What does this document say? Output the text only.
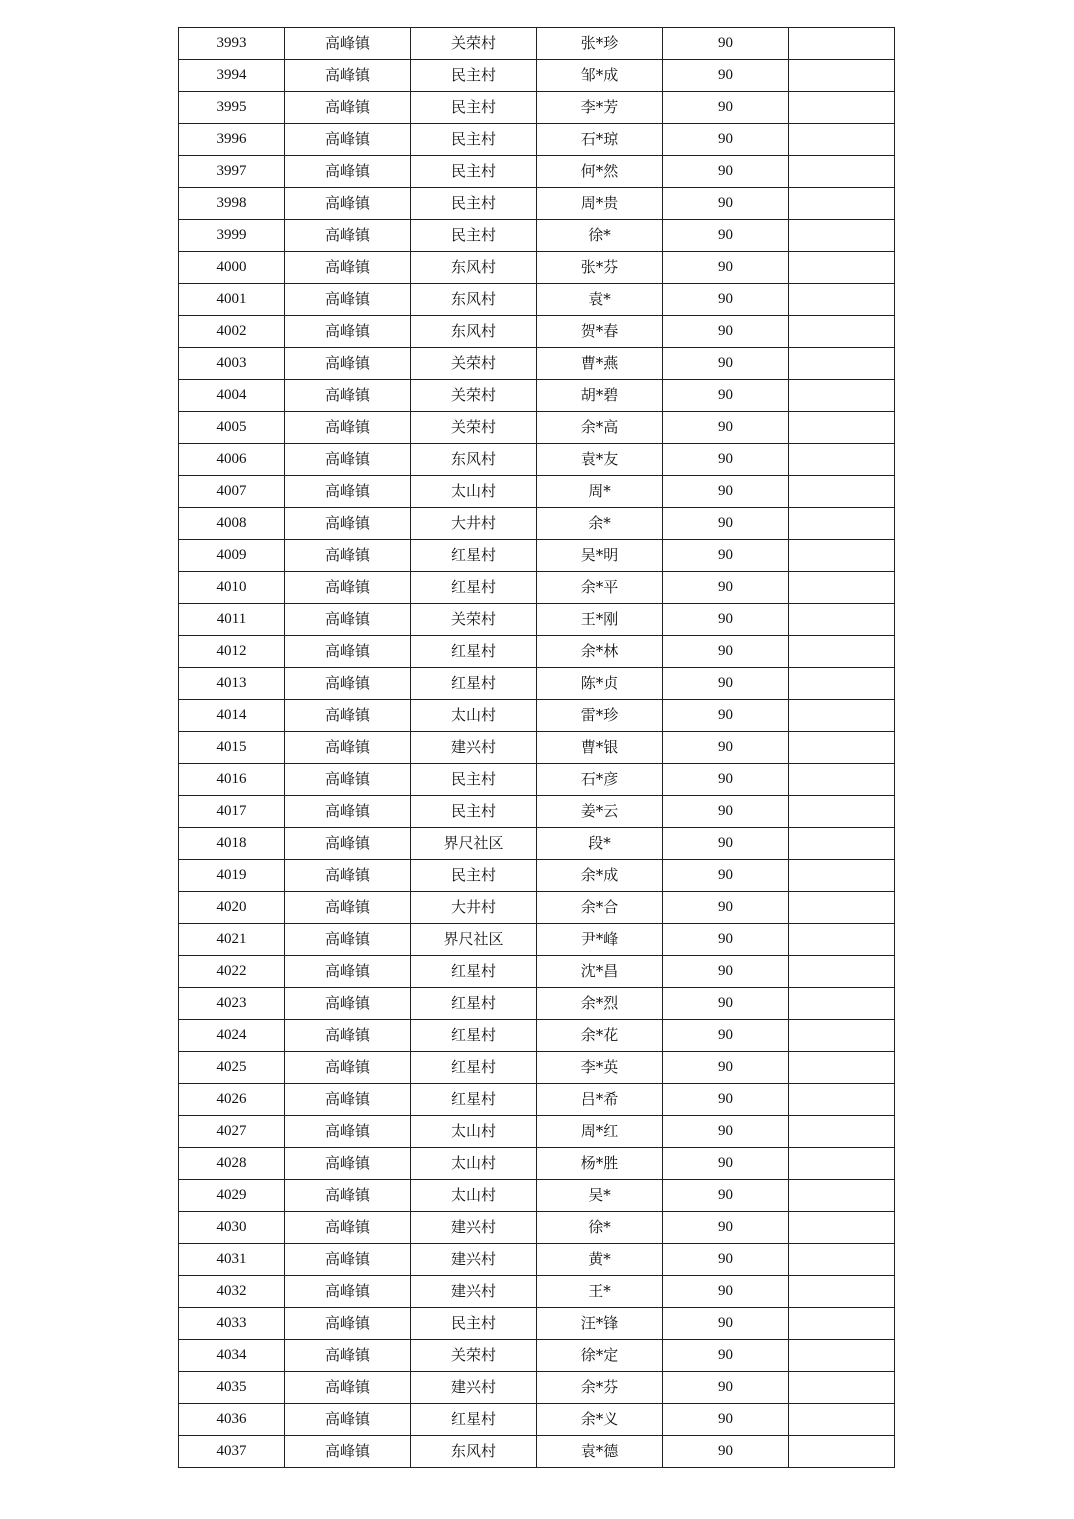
3993	高峰镇	关荣村	张*珍	90	
3994	高峰镇	民主村	邹*成	90	
3995	高峰镇	民主村	李*芳	90	
3996	高峰镇	民主村	石*琼	90	
3997	高峰镇	民主村	何*然	90	
3998	高峰镇	民主村	周*贵	90	
3999	高峰镇	民主村	徐*	90	
4000	高峰镇	东风村	张*芬	90	
4001	高峰镇	东风村	袁*	90	
4002	高峰镇	东风村	贺*春	90	
4003	高峰镇	关荣村	曹*燕	90	
4004	高峰镇	关荣村	胡*碧	90	
4005	高峰镇	关荣村	余*高	90	
4006	高峰镇	东风村	袁*友	90	
4007	高峰镇	太山村	周*	90	
4008	高峰镇	大井村	余*	90	
4009	高峰镇	红星村	吴*明	90	
4010	高峰镇	红星村	余*平	90	
4011	高峰镇	关荣村	王*刚	90	
4012	高峰镇	红星村	余*林	90	
4013	高峰镇	红星村	陈*贞	90	
4014	高峰镇	太山村	雷*珍	90	
4015	高峰镇	建兴村	曹*银	90	
4016	高峰镇	民主村	石*彦	90	
4017	高峰镇	民主村	姜*云	90	
4018	高峰镇	界尺社区	段*	90	
4019	高峰镇	民主村	余*成	90	
4020	高峰镇	大井村	余*合	90	
4021	高峰镇	界尺社区	尹*峰	90	
4022	高峰镇	红星村	沈*昌	90	
4023	高峰镇	红星村	余*烈	90	
4024	高峰镇	红星村	余*花	90	
4025	高峰镇	红星村	李*英	90	
4026	高峰镇	红星村	吕*希	90	
4027	高峰镇	太山村	周*红	90	
4028	高峰镇	太山村	杨*胜	90	
4029	高峰镇	太山村	吴*	90	
4030	高峰镇	建兴村	徐*	90	
4031	高峰镇	建兴村	黄*	90	
4032	高峰镇	建兴村	王*	90	
4033	高峰镇	民主村	汪*锋	90	
4034	高峰镇	关荣村	徐*定	90	
4035	高峰镇	建兴村	余*芬	90	
4036	高峰镇	红星村	余*义	90	
4037	高峰镇	东风村	袁*德	90	
